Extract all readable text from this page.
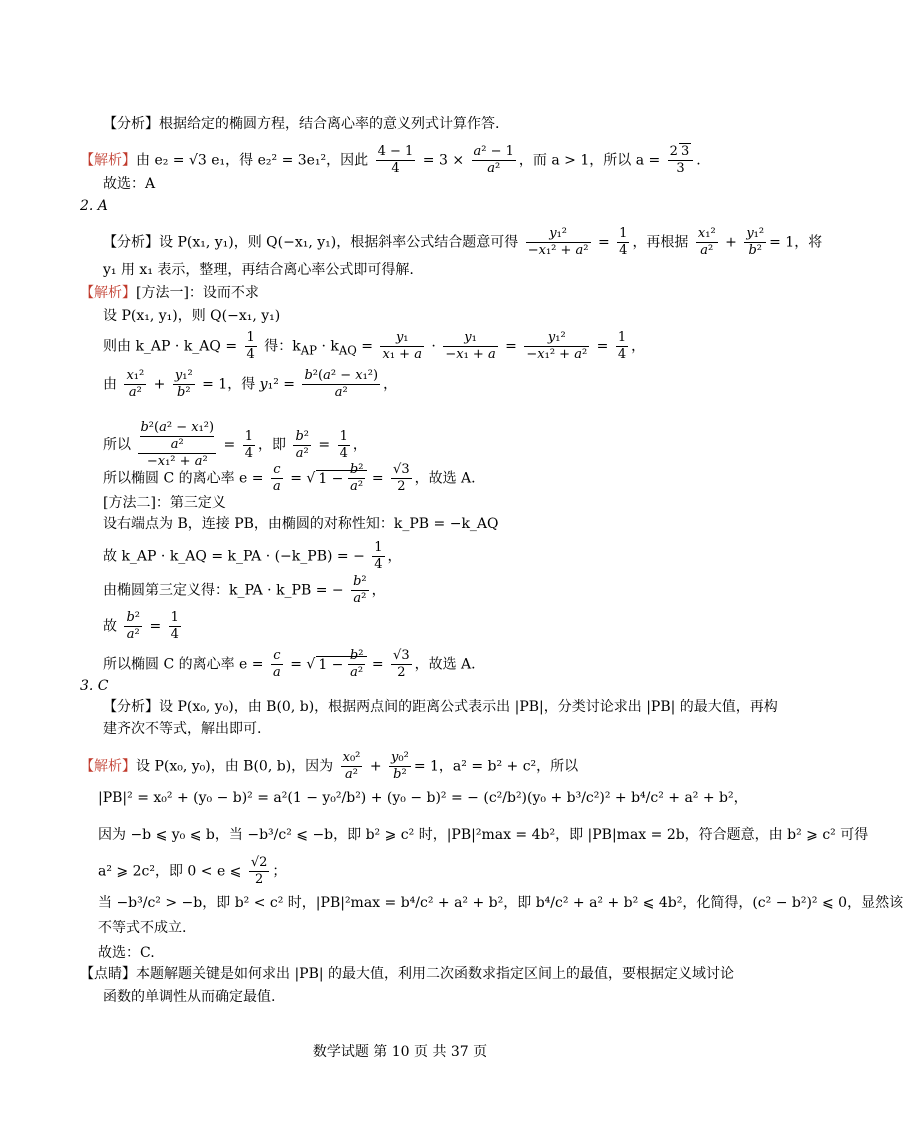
【分析】根据给定的椭圆方程，结合离心率的意义列式计算作答.
【解析】由 e₂ = √3 e₁，得 e₂² = 3e₁²，因此 $\frac{4 - 1}{4} = 3 \times \frac{\text{a² − 1}}{\text{a²}}$ ，而 a > 1，所以 $a = \frac{2 3}{3}$ .
故选：A
2. A
【分析】设 P(x₁, y₁)，则 Q(−x₁, y₁)，根据斜率公式结合题意可得 $\frac{\text{y₁²}}{\text{−x₁² + a²}} = \frac{1}{4}$ ，再根据 $\frac{\text{x₁²}}{\text{a²}} + \frac{\text{y₁²}}{\text{b²}} = 1$，将
y₁ 用 x₁ 表示，整理，再结合离心率公式即可得解.
【解析】[方法一]：设而不求
设 P(x₁, y₁)，则 Q(−x₁, y₁)
则由 k_AP · k_AQ = $\frac{1}{4}$ 得：$k_{AP} \cdot k_{AQ} = \frac{\text{y₁}}{\text{x₁ + a}} \cdot \frac{\text{y₁}}{\text{−x₁ + a}} = \frac{\text{y₁²}}{\text{−x₁² + a²}} = \frac{1}{4}$ ，
由 $\frac{\text{x₁²}}{\text{a²}} + \frac{\text{y₁²}}{\text{b²}} = 1$，得 $y_1^2 = \frac{\text{b²(a² − x₁²)}}{\text{a²}}$ ，
所以
b²(a² − x₁²)
a²
−x₁² + a²
= $\frac{1}{4}$ ，即 $\frac{\text{b²}}{\text{a²}} = \frac{1}{4}$ ，
所以椭圆 C 的离心率 $e = \frac{c}{a}$ = √ $1 - \frac{\text{b²}}{\text{a²}} = \frac{√3}{2}$ ，故选 A.
[方法二]：第三定义
设右端点为 B，连接 PB，由椭圆的对称性知：k_PB = −k_AQ
故 k_AP · k_AQ = k_PA · (−k_PB) = − $\frac{1}{4}$ ，
由椭圆第三定义得：k_PA · k_PB = − $\frac{\text{b²}}{\text{a²}}$ ，
故 $\frac{\text{b²}}{\text{a²}} = \frac{1}{4}$
所以椭圆 C 的离心率 $e = \frac{c}{a}$ = √ $1 - \frac{\text{b²}}{\text{a²}} = \frac{√3}{2}$ ，故选 A.
3. C
【分析】设 P(x₀, y₀)，由 B(0, b)，根据两点间的距离公式表示出 |PB|，分类讨论求出 |PB| 的最大值，再构
建齐次不等式，解出即可.
【解析】设 P(x₀, y₀)，由 B(0, b)，因为 $\frac{\text{x₀²}}{\text{a²}} + \frac{\text{y₀²}}{\text{b²}} = 1$，a² = b² + c²，所以
|PB|² = x₀² + (y₀ − b)² = a²(1 − y₀²/b²) + (y₀ − b)² = − (c²/b²)(y₀ + b³/c²)² + b⁴/c² + a² + b²，
因为 −b ⩽ y₀ ⩽ b，当 −b³/c² ⩽ −b，即 b² ⩾ c² 时，|PB|²max = 4b²，即 |PB|max = 2b，符合题意，由 b² ⩾ c² 可得
a² ⩾ 2c²，即 0 < e ⩽ $\frac{√2}{2}$ ；
当 −b³/c² > −b，即 b² < c² 时，|PB|²max = b⁴/c² + a² + b²，即 b⁴/c² + a² + b² ⩽ 4b²，化简得，(c² − b²)² ⩽ 0，显然该
不等式不成立.
故选：C.
【点睛】本题解题关键是如何求出 |PB| 的最大值，利用二次函数求指定区间上的最值，要根据定义域讨论
函数的单调性从而确定最值.
数学试题 第 10 页 共 37 页
